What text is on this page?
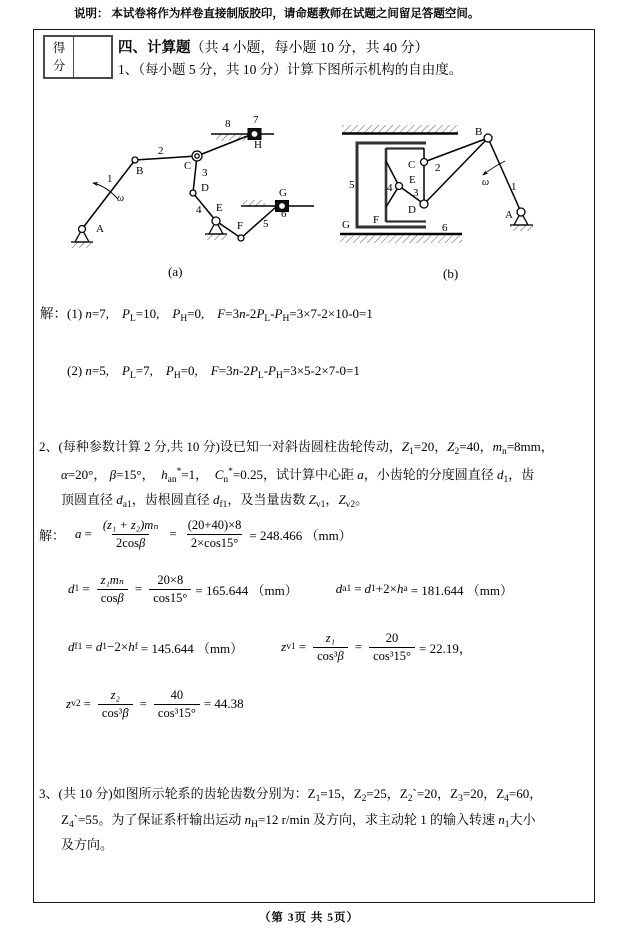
说明： 本试卷将作为样卷直接制版胶印，请命题教师在试题之间留足答题空间。
得
分
四、计算题（共 4 小题，每小题 10 分，共 40 分）
1、（每小题 5 分，共 10 分）计算下图所示机构的自由度。
A
B	C
D
E
F
G
H
1
2
3
4
5
6
7
8
ω
(a)
B
A
C
E
D
G F
1
2
3
4
5
6
ω
(b)
解： (1) n=7,　$P_L=10$,　$P_H=0$,　$F=3n-2P_L-P_H=3\times 7-2\times 10-0=1$
(2) n=5,　$P_L=7$,　$P_H=0$,　$F=3n-2P_L-P_H=3\times 5-2\times 7-0=1$
2、(每种参数计算 2 分,共 10 分)设已知一对斜齿圆柱齿轮传动，$Z_1=20$，$Z_2=40$，$m_n=8mm$，
α=20°， β=15°，　$h_{an}^*=1$，　$C_n^*=0.25$，试计算中心距 a，小齿轮的分度圆直径 $d_1$，齿
顶圆直径 $d_{a1}$，齿根圆直径 $d_{f1}$，及当量齿数 $Z_{v1}$，$Z_{v2}$。
解： $a = \frac{\text{(z₁ + z₂)mₙ}}{2\cos\beta} = \frac{(20+40)\times 8}{2\times\cos 15^\circ} = 248.466$ （mm）
d $1 = \frac{\text{z₁mₙ}}{\cos\beta} = \frac{20\times 8}{\cos 15^\circ} = 165.644$ （mm）	d a1 = d 1 +2× h a = 181.644 （mm）
d f1 = d 1 −2× h f = 145.644 （mm）	z $v1 = \frac{\text{z₁}}{\text{cos³β}} = \frac{20}{\text{cos³15°}} = 22.19$，
z $v2 = \frac{\text{z₂}}{\text{cos³β}} = \frac{40}{\text{cos³15°}} = 44.38$
3、(共 10 分)如图所示轮系的齿轮齿数分别为：$Z_1=15$，$Z_2=25$，$Z_2`=20$，$Z_3=20$，$Z_4=60$，
$Z_4`=55$。为了保证系杆输出运动 $n_H=12$ r/min 及方向，求主动轮 1 的输入转速 $n_1$大小
及方向。
（第 3页 共 5页）
